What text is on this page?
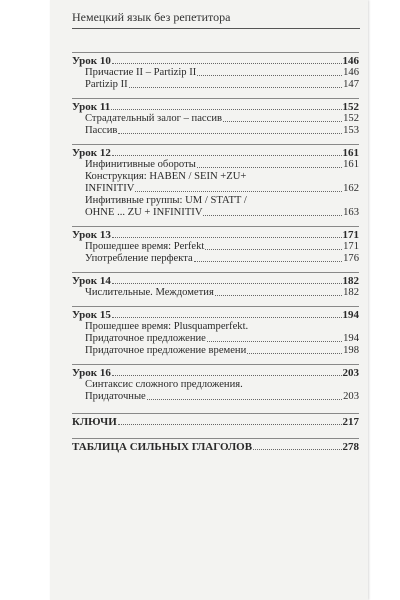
Немецкий язык без репетитора
Урок 10	146
Причастие II – Partizip II	146
Partizip II	147
Урок 11	152
Страдательный залог – пассив	152
Пассив	153
Урок 12	161
Инфинитивные обороты	161
Конструкция: HABEN / SEIN +ZU+
INFINITIV	162
Инфитивные группы: UM / STATT /
OHNE ... ZU + INFINITIV	163
Урок 13	171
Прошедшее время: Perfekt	171
Употребление перфекта	176
Урок 14	182
Числительные. Междометия	182
Урок 15	194
Прошедшее время: Plusquamperfekt.
Придаточное предложение	194
Придаточное предложение времени	198
Урок 16	203
Синтаксис сложного предложения.
Придаточные	203
КЛЮЧИ	217
ТАБЛИЦА СИЛЬНЫХ ГЛАГОЛОВ	278
